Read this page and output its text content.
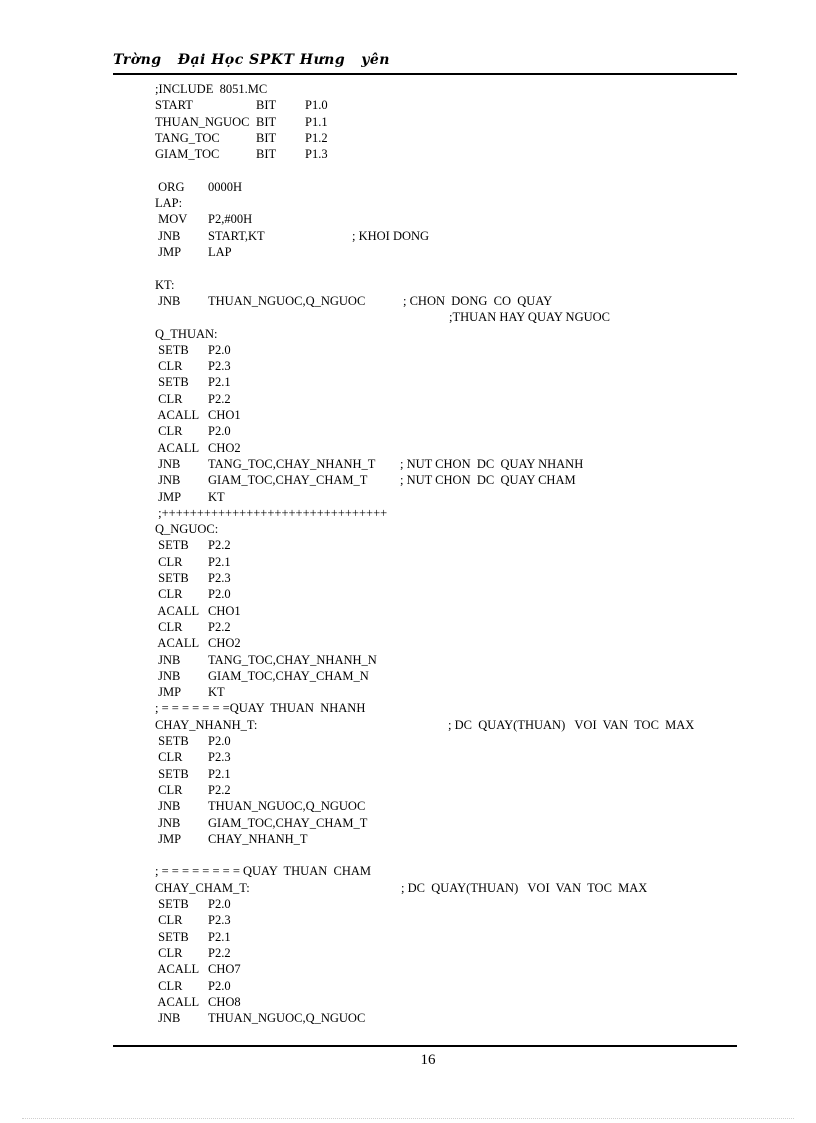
Trờng   Đại Học SPKT Hưng   yên
;INCLUDE  8051.MC
START	BIT P1.0
THUAN_NGUOC BIT P1.1
TANG_TOC	BIT P1.2
GIAM_TOC	BIT P1.3
ORG 0000H
LAP:
MOV P2,#00H
JNB START,KT	; KHOI DONG
JMP LAP
KT:
JNB THUAN_NGUOC,Q_NGUOC	; CHON  DONG  CO  QUAY
;THUAN HAY QUAY NGUOC
Q_THUAN:
SETB P2.0
CLR P2.3
SETB P2.1
CLR P2.2
ACALL CHO1
CLR P2.0
ACALL CHO2
JNB TANG_TOC,CHAY_NHANH_T ; NUT CHON  DC  QUAY NHANH
JNB GIAM_TOC,CHAY_CHAM_T	; NUT CHON  DC  QUAY CHAM
JMP KT
;++++++++++++++++++++++++++++++++
Q_NGUOC:
SETB P2.2
CLR P2.1
SETB P2.3
CLR P2.0
ACALL CHO1
CLR P2.2
ACALL CHO2
JNB TANG_TOC,CHAY_NHANH_N
JNB GIAM_TOC,CHAY_CHAM_N
JMP KT
; = = = = = = =QUAY  THUAN  NHANH
CHAY_NHANH_T:	; DC  QUAY(THUAN)   VOI  VAN  TOC  MAX
SETB P2.0
CLR P2.3
SETB P2.1
CLR P2.2
JNB THUAN_NGUOC,Q_NGUOC
JNB GIAM_TOC,CHAY_CHAM_T
JMP CHAY_NHANH_T
; = = = = = = = = QUAY  THUAN  CHAM
CHAY_CHAM_T:	; DC  QUAY(THUAN)   VOI  VAN  TOC  MAX
SETB P2.0
CLR P2.3
SETB P2.1
CLR P2.2
ACALL CHO7
CLR P2.0
ACALL CHO8
JNB THUAN_NGUOC,Q_NGUOC
16
